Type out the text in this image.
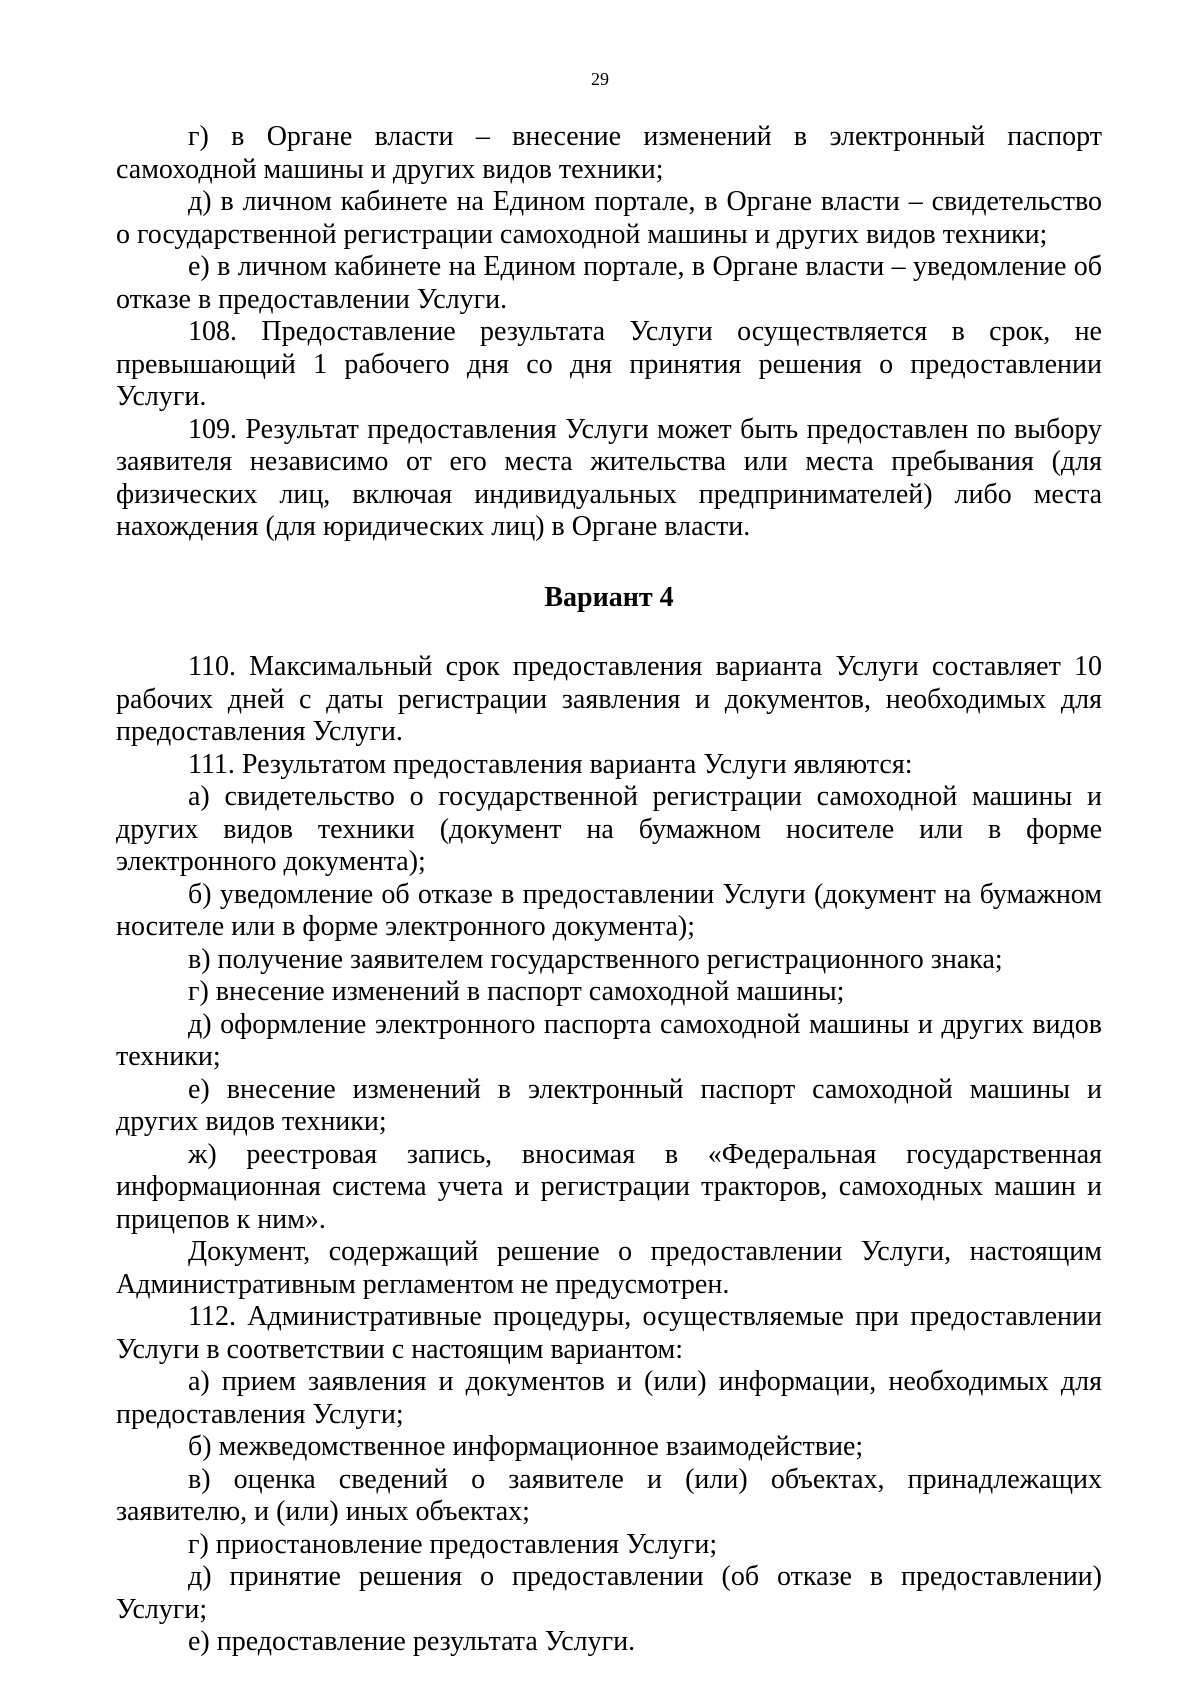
29

г) в Органе власти – внесение изменений в электронный паспорт самоходной машины и других видов техники;

д) в личном кабинете на Едином портале, в Органе власти – свидетельство о государственной регистрации самоходной машины и других видов техники;

е) в личном кабинете на Едином портале, в Органе власти – уведомление об отказе в предоставлении Услуги.

108. Предоставление результата Услуги осуществляется в срок, не превышающий 1 рабочего дня со дня принятия решения о предоставлении Услуги.

109. Результат предоставления Услуги может быть предоставлен по выбору заявителя независимо от его места жительства или места пребывания (для физических лиц, включая индивидуальных предпринимателей) либо места нахождения (для юридических лиц) в Органе власти.

Вариант 4

110. Максимальный срок предоставления варианта Услуги составляет 10 рабочих дней с даты регистрации заявления и документов, необходимых для предоставления Услуги.

111. Результатом предоставления варианта Услуги являются:

а) свидетельство о государственной регистрации самоходной машины и других видов техники (документ на бумажном носителе или в форме электронного документа);

б) уведомление об отказе в предоставлении Услуги (документ на бумажном носителе или в форме электронного документа);

в) получение заявителем государственного регистрационного знака;

г) внесение изменений в паспорт самоходной машины;

д) оформление электронного паспорта самоходной машины и других видов техники;

е) внесение изменений в электронный паспорт самоходной машины и других видов техники;

ж) реестровая запись, вносимая в «Федеральная государственная информационная система учета и регистрации тракторов, самоходных машин и прицепов к ним».

Документ, содержащий решение о предоставлении Услуги, настоящим Административным регламентом не предусмотрен.

112. Административные процедуры, осуществляемые при предоставлении Услуги в соответствии с настоящим вариантом:

а) прием заявления и документов и (или) информации, необходимых для предоставления Услуги;

б) межведомственное информационное взаимодействие;

в) оценка сведений о заявителе и (или) объектах, принадлежащих заявителю, и (или) иных объектах;

г) приостановление предоставления Услуги;

д) принятие решения о предоставлении (об отказе в предоставлении) Услуги;

е) предоставление результата Услуги.
